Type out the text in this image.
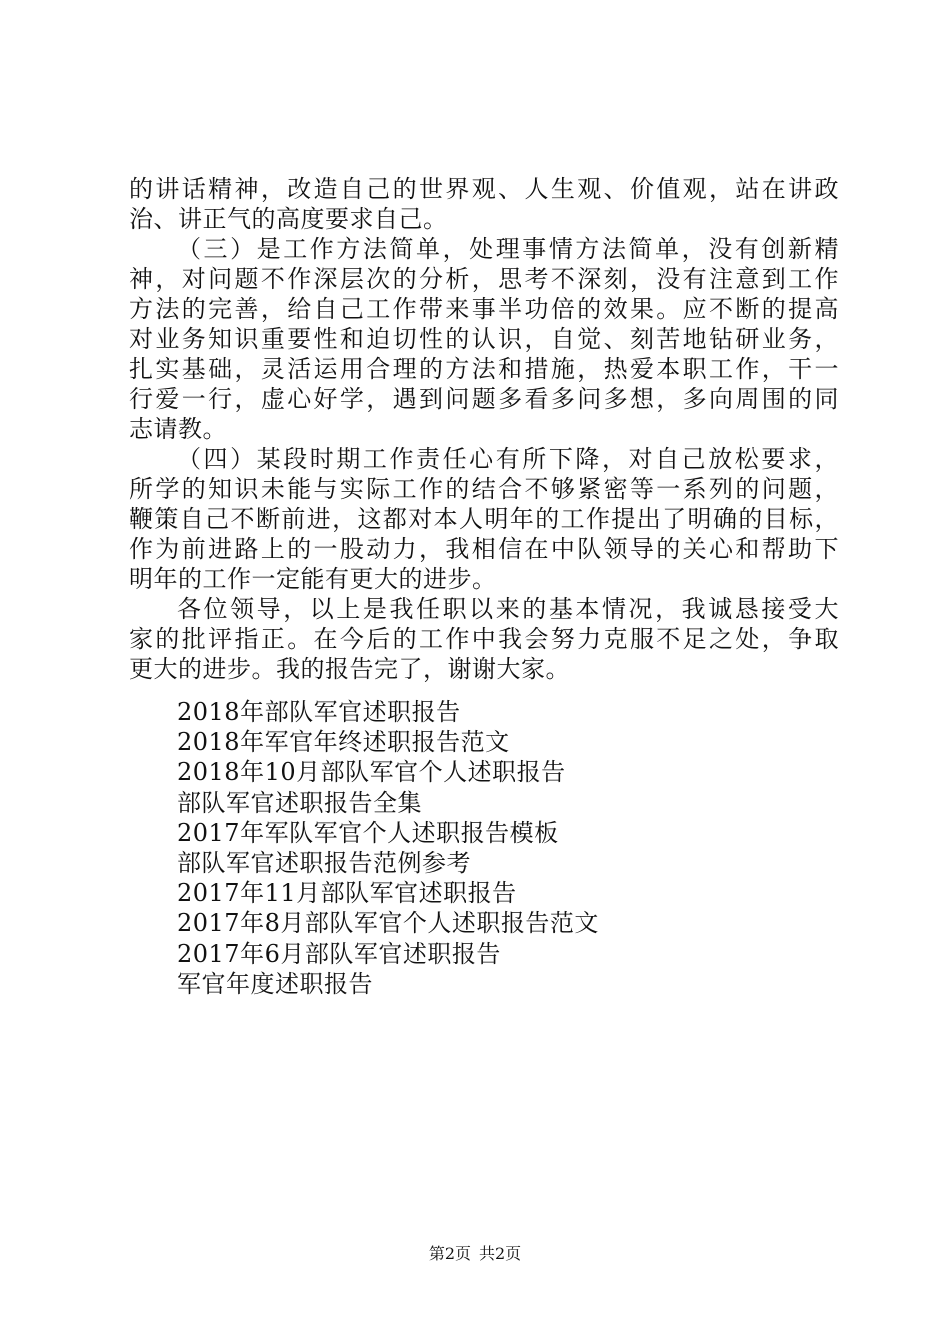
的讲话精神，改造自己的世界观、人生观、价值观，站在讲政
治、讲正气的高度要求自己。
（三）是工作方法简单，处理事情方法简单，没有创新精
神，对问题不作深层次的分析，思考不深刻，没有注意到工作
方法的完善，给自己工作带来事半功倍的效果。应不断的提高
对业务知识重要性和迫切性的认识，自觉、刻苦地钻研业务，
扎实基础，灵活运用合理的方法和措施，热爱本职工作，干一
行爱一行，虚心好学，遇到问题多看多问多想，多向周围的同
志请教。
（四）某段时期工作责任心有所下降，对自己放松要求，
所学的知识未能与实际工作的结合不够紧密等一系列的问题，
鞭策自己不断前进，这都对本人明年的工作提出了明确的目标，
作为前进路上的一股动力，我相信在中队领导的关心和帮助下
明年的工作一定能有更大的进步。
各位领导，以上是我任职以来的基本情况，我诚恳接受大
家的批评指正。在今后的工作中我会努力克服不足之处，争取
更大的进步。我的报告完了，谢谢大家。
2018年部队军官述职报告
2018年军官年终述职报告范文
2018年10月部队军官个人述职报告
部队军官述职报告全集
2017年军队军官个人述职报告模板
部队军官述职报告范例参考
2017年11月部队军官述职报告
2017年8月部队军官个人述职报告范文
2017年6月部队军官述职报告
军官年度述职报告
第2页 共2页
